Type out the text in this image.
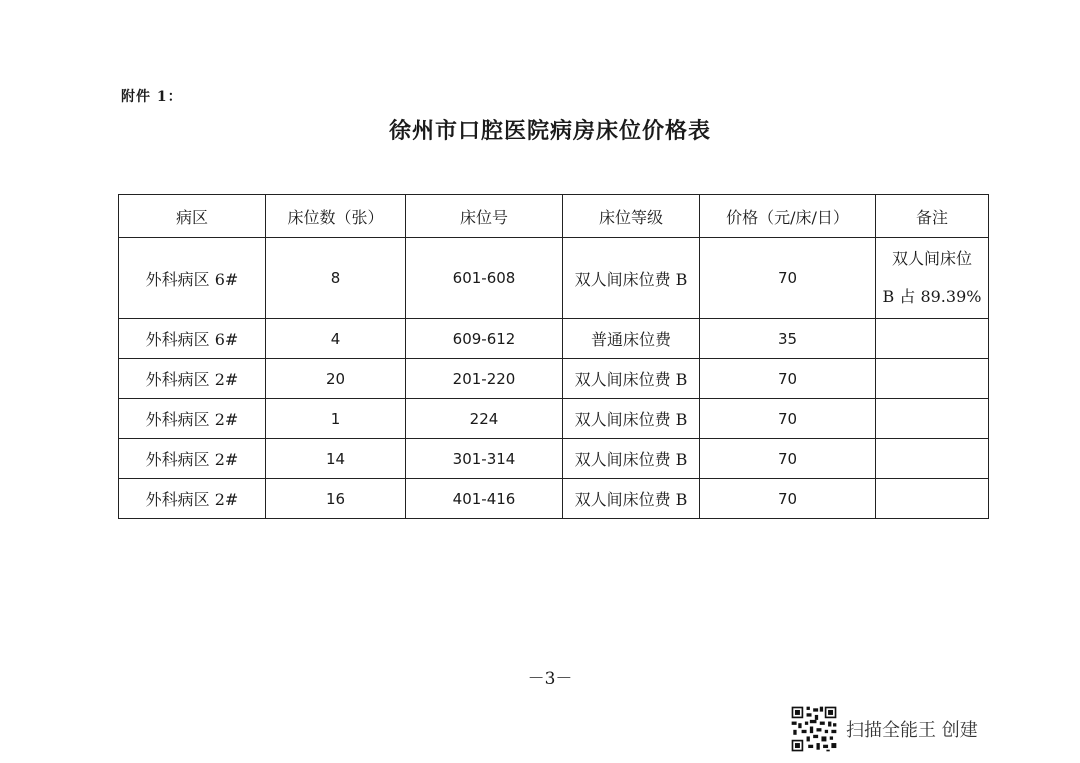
附件 1：
徐州市口腔医院病房床位价格表
病区	床位数（张）	床位号	床位等级	价格（元/床/日）	备注
外科病区 6#	8	601-608	双人间床位费 B	70	双人间床位
B 占 89.39%

外科病区 6#	4	609-612	普通床位费	35	
外科病区 2#	20	201-220	双人间床位费 B	70	
外科病区 2#	1	224	双人间床位费 B	70	
外科病区 2#	14	301-314	双人间床位费 B	70	
外科病区 2#	16	401-416	双人间床位费 B	70	
－3－
扫描全能王 创建
